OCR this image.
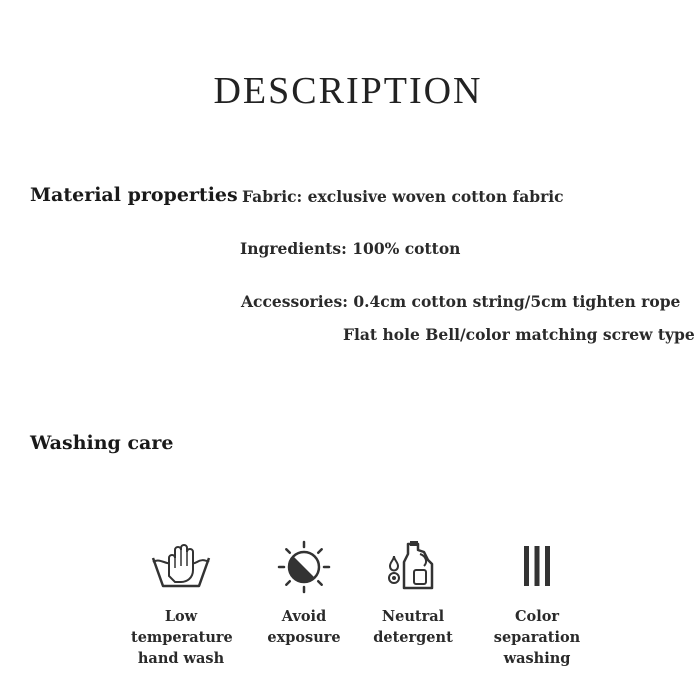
DESCRIPTION
Material properties Fabric: exclusive woven cotton fabric
Ingredients: 100% cotton
Accessories: 0.4cm cotton string/5cm tighten rope
Flat hole Bell/color matching screw type
Washing care
Low
temperature
hand wash
Avoid
exposure
Neutral
detergent
Color separation
washing
